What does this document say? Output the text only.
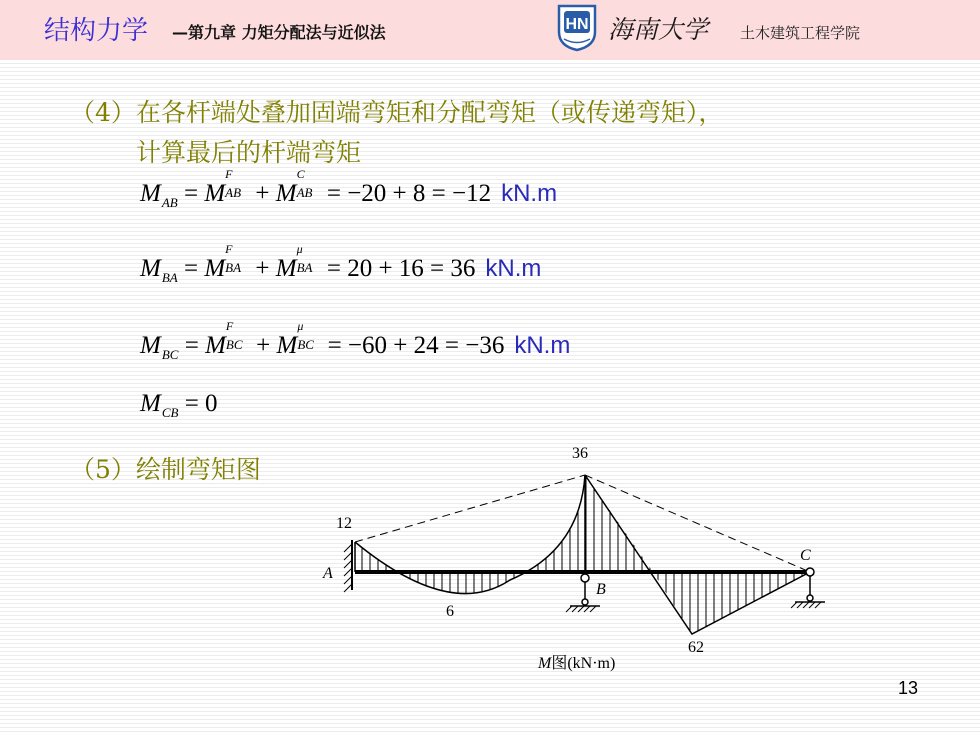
结构力学 —第九章 力矩分配法与近似法	HN 海南大学 土木建筑工程学院
（4）在各杆端处叠加固端弯矩和分配弯矩（或传递弯矩），
计算最后的杆端弯矩
$M_{AB} = M$
F
AB + M
C
AB = −20 + 8 = −12 kN.m
$M_{BA} = M$
F
BA + M
μ
BA = 20 + 16 = 36 kN.m
$M_{BC} = M$
F
BC + M
μ
BC = −60 + 24 = −36 kN.m
$M_{CB} = 0$
（5）绘制弯矩图
36
12
6
62
A
B
C
M图(kN·m)
13
